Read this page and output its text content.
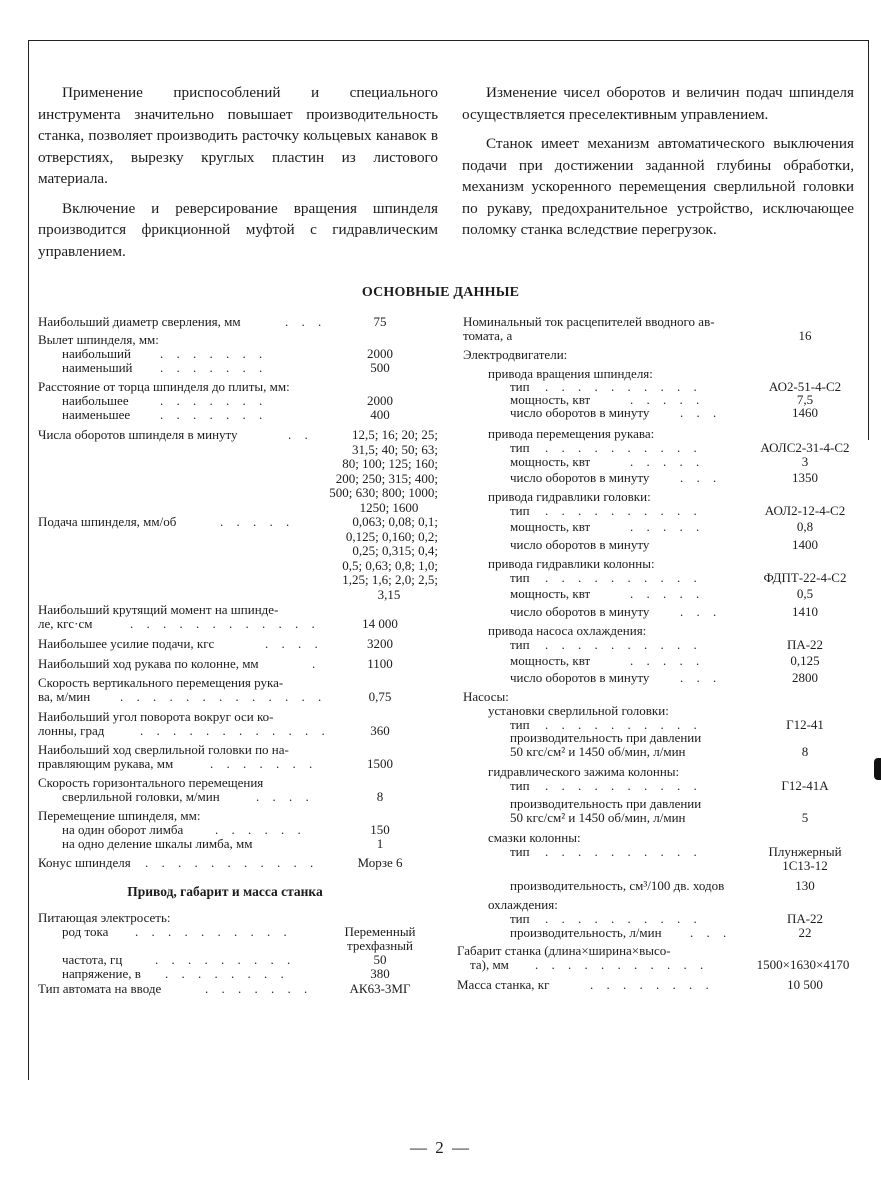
Применение приспособлений и специального инструмента значительно повышает производительность станка, позволяет производить расточку кольцевых канавок в отверстиях, вырезку круглых пластин из листового материала.

Включение и реверсирование вращения шпинделя производится фрикционной муфтой с гидравлическим управлением.

Изменение чисел оборотов и величин подач шпинделя осуществляется преселективным управлением.

Станок имеет механизм автоматического выключения подачи при достижении заданной глубины обработки, механизм ускоренного перемещения сверлильной головки по рукаву, предохранительное устройство, исключающее поломку станка вследствие перегрузок.

ОСНОВНЫЕ ДАННЫЕ
Наибольший диаметр сверления, мм	. . .	75
Вылет шпинделя, мм:
наибольший . . . . . . .	2000
наименьший . . . . . . .	500
Расстояние от торца шпинделя до плиты, мм:
наибольшее . . . . . . .	2000
наименьшее . . . . . . .	400
Числа оборотов шпинделя в минуту	. .	12,5; 16; 20; 25;
31,5; 40; 50; 63;
80; 100; 125; 160;
200; 250; 315; 400;
500; 630; 800; 1000;
1250; 1600
Подача шпинделя, мм/об	. . . . .	0,063; 0,08; 0,1;
0,125; 0,160; 0,2;
0,25; 0,315; 0,4;
0,5; 0,63; 0,8; 1,0;
1,25; 1,6; 2,0; 2,5;
3,15
Наибольший крутящий момент на шпинде-
ле, кгс·см	. . . . . . . . . . . .	14 000
Наибольшее усилие подачи, кгс	. . . .	3200
Наибольший ход рукава по колонне, мм	.	1100
Скорость вертикального перемещения рука-
ва, м/мин . . . . . . . . . . . . .	0,75
Наибольший угол поворота вокруг оси ко-
лонны, град	. . . . . . . . . . . .	360
Наибольший ход сверлильной головки по на-
правляющим рукава, мм	. . . . . . .	1500
Скорость горизонтального перемещения
сверлильной головки, м/мин	. . . .	8
Перемещение шпинделя, мм:
на один оборот лимба . . . . . .	150
на одно деление шкалы лимба, мм	1
Конус шпинделя . . . . . . . . . . .	Морзе 6
Привод, габарит и масса станка
Питающая электросеть:
род тока . . . . . . . . . .	Переменный
трехфазный
частота, гц	. . . . . . . . .	50
напряжение, в . . . . . . . .	380
Тип автомата на вводе	. . . . . . .	АК63-3МГ
Номинальный ток расцепителей вводного ав-
томата, а	16
Электродвигатели:
привода вращения шпинделя:
тип . . . . . . . . . .	АО2-51-4-С2
мощность, квт	. . . . .	7,5
число оборотов в минуту . . .	1460
привода перемещения рукава:
тип . . . . . . . . . .	АОЛС2-31-4-С2
мощность, квт	. . . . .	3
число оборотов в минуту . . .	1350
привода гидравлики головки:
тип . . . . . . . . . .	АОЛ2-12-4-С2
мощность, квт	. . . . .	0,8
число оборотов в минуту	1400
привода гидравлики колонны:
тип . . . . . . . . . .	ФДПТ-22-4-С2
мощность, квт	. . . . .	0,5
число оборотов в минуту . . .	1410
привода насоса охлаждения:
тип . . . . . . . . . .	ПА-22
мощность, квт	. . . . .	0,125
число оборотов в минуту . . .	2800
Насосы:
установки сверлильной головки:
тип . . . . . . . . . .	Г12-41
производительность при давлении
50 кгс/см² и 1450 об/мин, л/мин	8
гидравлического зажима колонны:
тип . . . . . . . . . .	Г12-41А
производительность при давлении
50 кгс/см² и 1450 об/мин, л/мин	5
смазки колонны:
тип . . . . . . . . . .	Плунжерный
1С13-12
производительность, см³/100 дв. ходов	130
охлаждения:
тип . . . . . . . . . .	ПА-22
производительность, л/мин . . .	22
Габарит станка (длина×ширина×высо-
та), мм . . . . . . . . . . .	1500×1630×4170
Масса станка, кг	. . . . . . . .	10 500
— 2 —
